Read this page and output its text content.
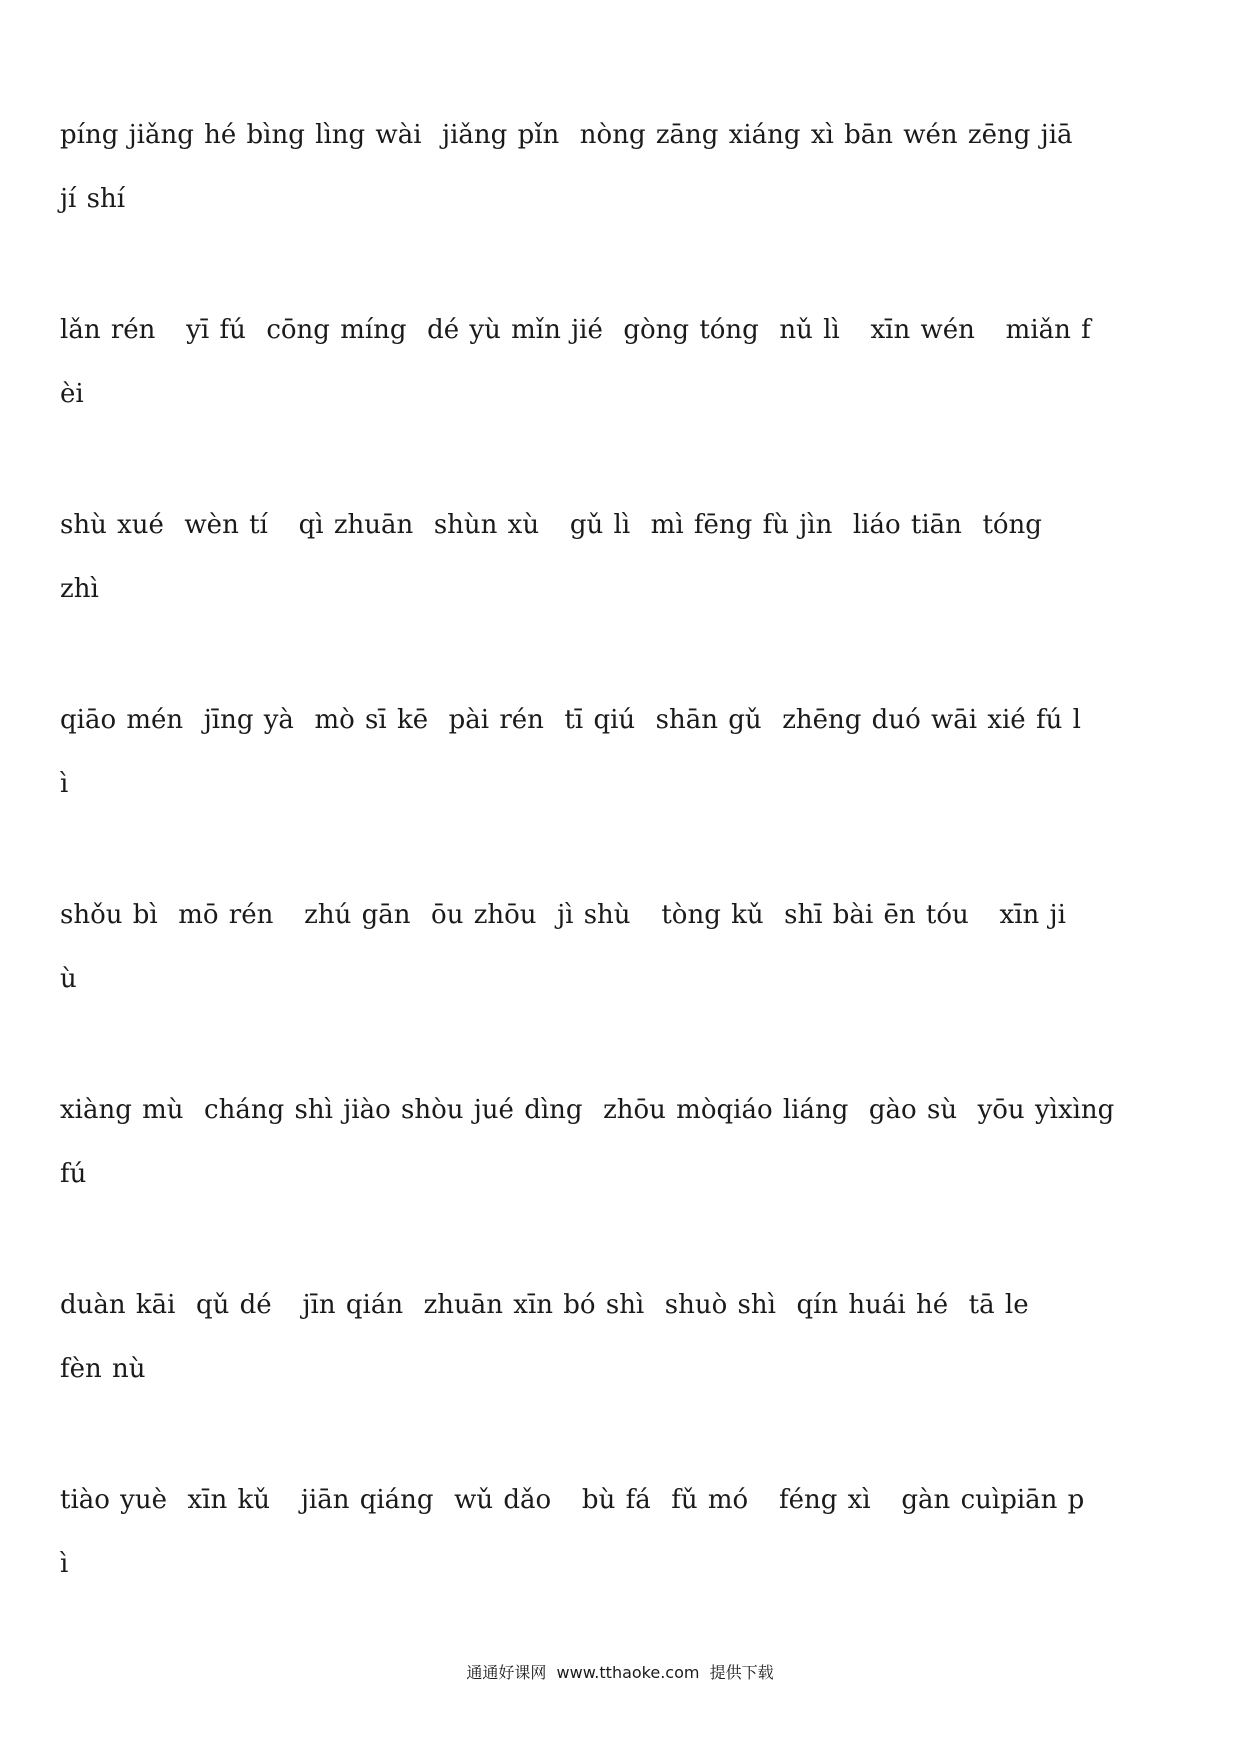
píng jiǎng hé bìng lìng wài  jiǎng pǐn  nòng zāng xiáng xì bān wén zēng jiā

jí shí

lǎn rén   yī fú  cōng míng  dé yù mǐn jié  gòng tóng  nǔ lì   xīn wén   miǎn f

èi

shù xué  wèn tí   qì zhuān  shùn xù   gǔ lì  mì fēng fù jìn  liáo tiān  tóng

zhì

qiāo mén  jīng yà  mò sī kē  pài rén  tī qiú  shān gǔ  zhēng duó wāi xié fú l

ì

shǒu bì  mō rén   zhú gān  ōu zhōu  jì shù   tòng kǔ  shī bài ēn tóu   xīn ji

ù

xiàng mù  cháng shì jiào shòu jué dìng  zhōu mòqiáo liáng  gào sù  yōu yìxìng

fú

duàn kāi  qǔ dé   jīn qián  zhuān xīn bó shì  shuò shì  qín huái hé  tā le

fèn nù

tiào yuè  xīn kǔ   jiān qiáng  wǔ dǎo   bù fá  fǔ mó   féng xì   gàn cuìpiān p

ì

通通好课网  www.tthaoke.com  提供下载
